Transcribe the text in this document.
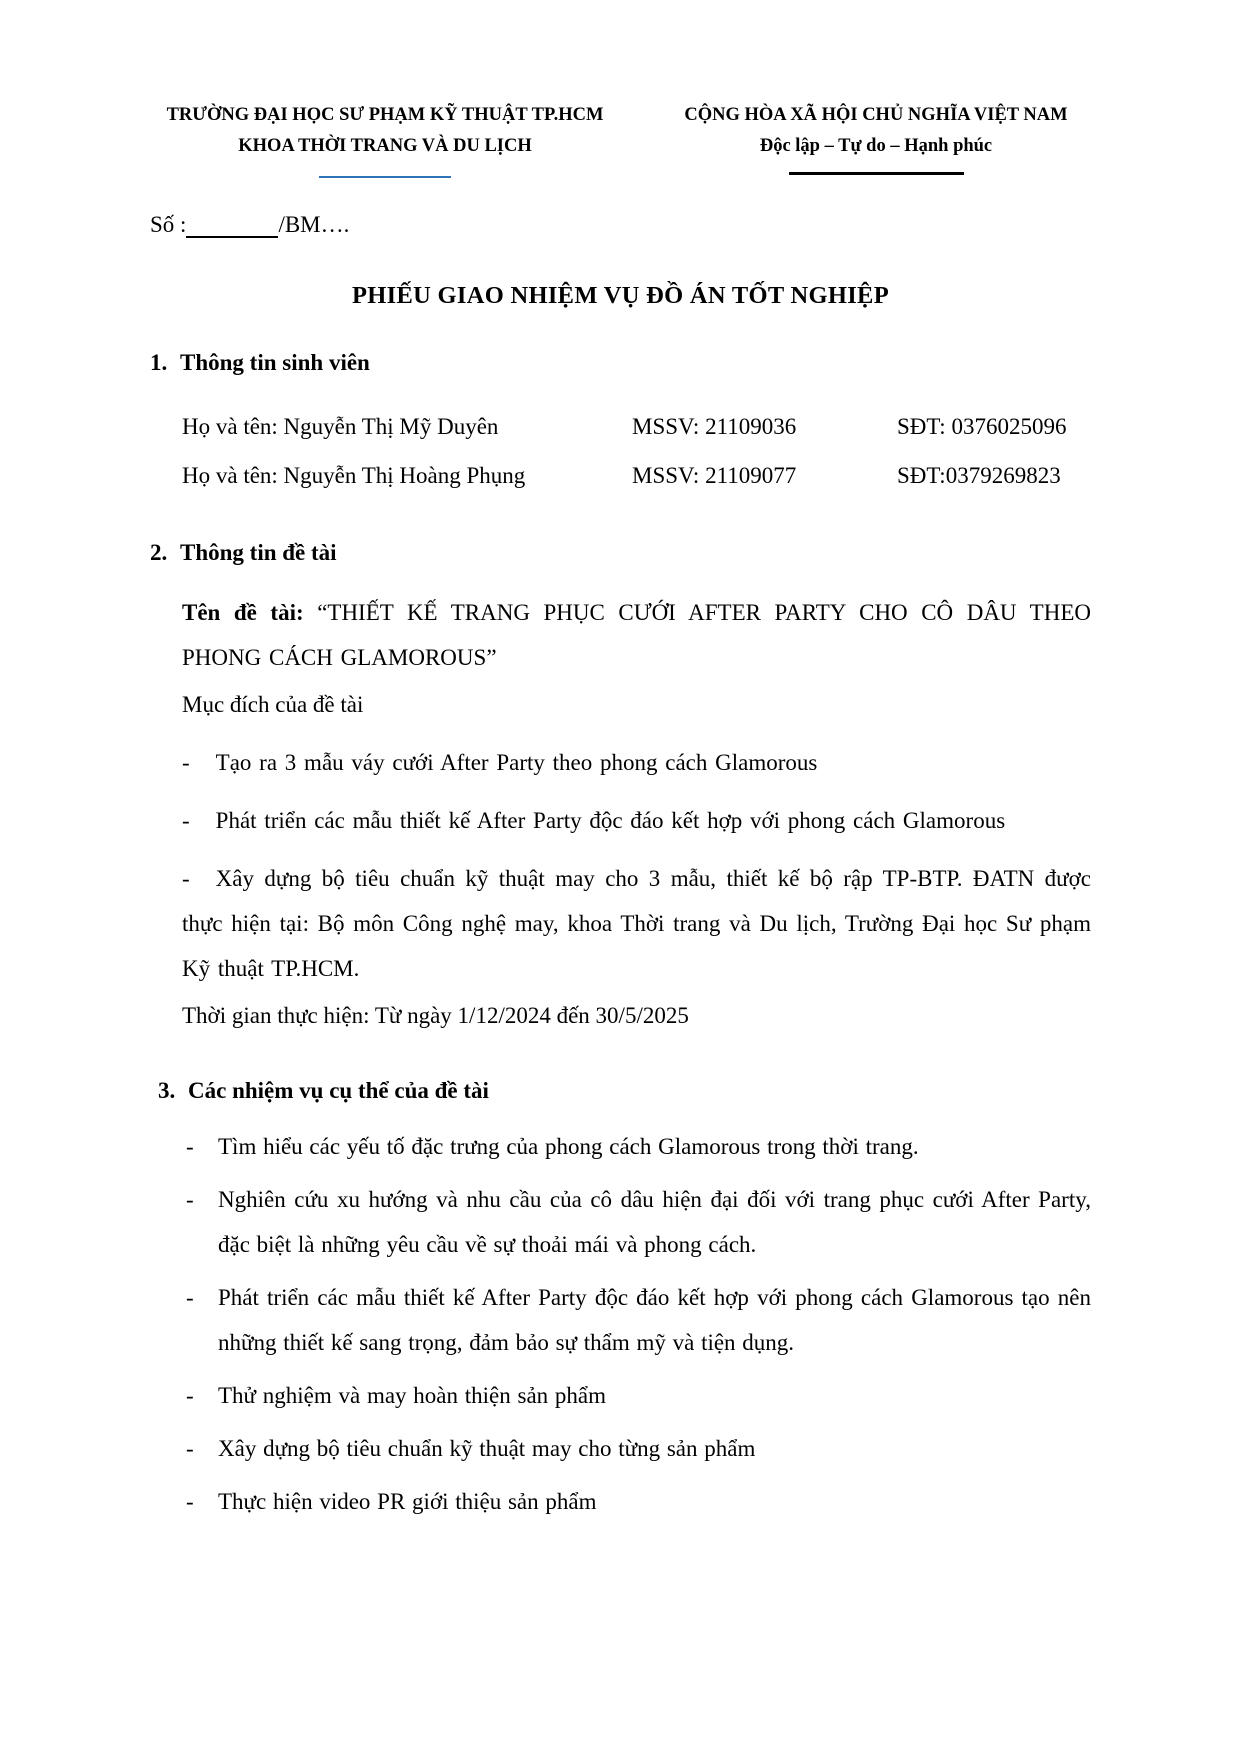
TRƯỜNG ĐẠI HỌC SƯ PHẠM KỸ THUẬT TP.HCM
KHOA THỜI TRANG VÀ DU LỊCH
CỘNG HÒA XÃ HỘI CHỦ NGHĨA VIỆT NAM
Độc lập – Tự do – Hạnh phúc
Số :	/BM….
PHIẾU GIAO NHIỆM VỤ ĐỒ ÁN TỐT NGHIỆP
1. Thông tin sinh viên
Họ và tên: Nguyễn Thị Mỹ Duyên	MSSV: 21109036	SĐT: 0376025096
Họ và tên: Nguyễn Thị Hoàng Phụng	MSSV: 21109077	SĐT:0379269823
2. Thông tin đề tài

Tên đề tài: “THIẾT KẾ TRANG PHỤC CƯỚI AFTER PARTY CHO CÔ DÂU THEO PHONG CÁCH GLAMOROUS”

Mục đích của đề tài

- Tạo ra 3 mẫu váy cưới After Party theo phong cách Glamorous

- Phát triển các mẫu thiết kế After Party độc đáo kết hợp với phong cách Glamorous

- Xây dựng bộ tiêu chuẩn kỹ thuật may cho 3 mẫu, thiết kế bộ rập TP-BTP. ĐATN được thực hiện tại: Bộ môn Công nghệ may, khoa Thời trang và Du lịch, Trường Đại học Sư phạm Kỹ thuật TP.HCM.

Thời gian thực hiện: Từ ngày 1/12/2024 đến 30/5/2025

3. Các nhiệm vụ cụ thể của đề tài
- Tìm hiểu các yếu tố đặc trưng của phong cách Glamorous trong thời trang.
- Nghiên cứu xu hướng và nhu cầu của cô dâu hiện đại đối với trang phục cưới After Party, đặc biệt là những yêu cầu về sự thoải mái và phong cách.
- Phát triển các mẫu thiết kế After Party độc đáo kết hợp với phong cách Glamorous tạo nên những thiết kế sang trọng, đảm bảo sự thẩm mỹ và tiện dụng.
- Thử nghiệm và may hoàn thiện sản phẩm
- Xây dựng bộ tiêu chuẩn kỹ thuật may cho từng sản phẩm
- Thực hiện video PR giới thiệu sản phẩm
